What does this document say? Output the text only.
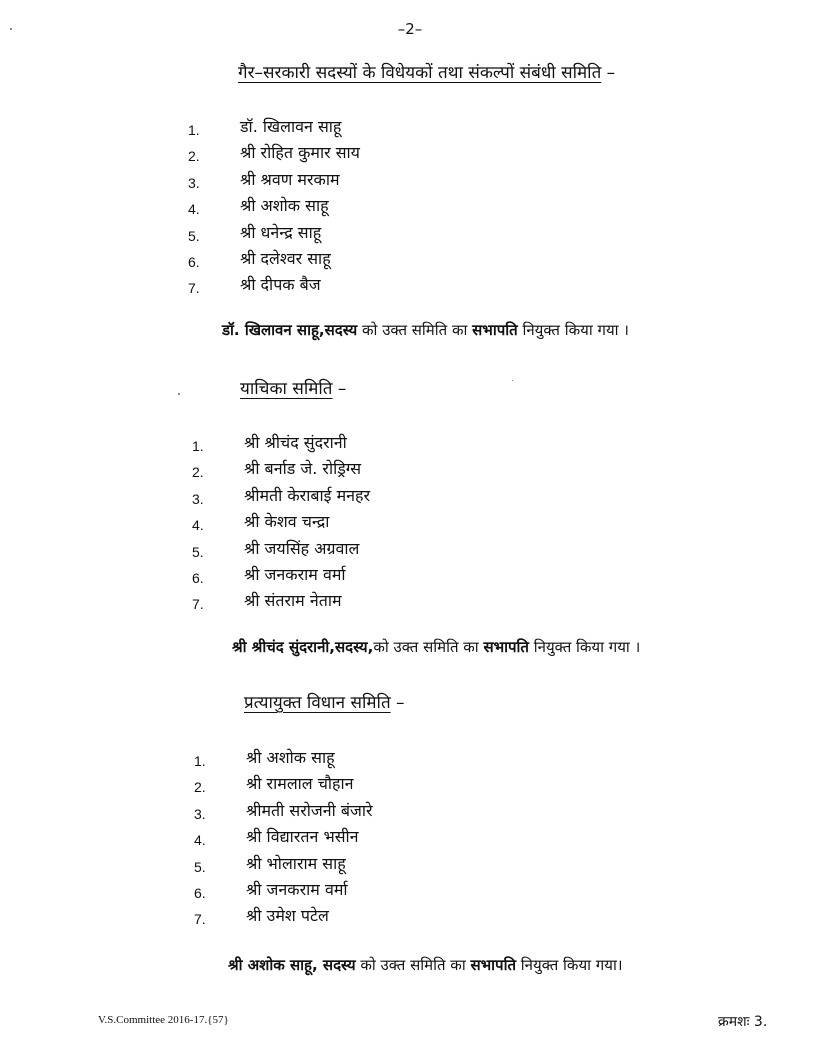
–2–
गैर–सरकारी सदस्यों के विधेयकों तथा संकल्पों संबंधी समिति –
1.	डॉ. खिलावन साहू
2.	श्री रोहित कुमार साय
3.	श्री श्रवण मरकाम
4.	श्री अशोक साहू
5.	श्री धनेन्द्र साहू
6.	श्री दलेश्वर साहू
7.	श्री दीपक बैज
डॉ. खिलावन साहू,सदस्य को उक्त समिति का सभापति नियुक्त किया गया ।
याचिका समिति –
1.	श्री श्रीचंद सुंदरानी
2.	श्री बर्नाड जे. रोड्रिग्स
3.	श्रीमती केराबाई मनहर
4.	श्री केशव चन्द्रा
5.	श्री जयसिंह अग्रवाल
6.	श्री जनकराम वर्मा
7.	श्री संतराम नेताम
श्री श्रीचंद सुंदरानी,सदस्य,को उक्त समिति का सभापति नियुक्त किया गया ।
प्रत्यायुक्त विधान समिति –
1.	श्री अशोक साहू
2.	श्री रामलाल चौहान
3.	श्रीमती सरोजनी बंजारे
4.	श्री विद्यारतन भसीन
5.	श्री भोलाराम साहू
6.	श्री जनकराम वर्मा
7.	श्री उमेश पटेल
श्री अशोक साहू, सदस्य को उक्त समिति का सभापति नियुक्त किया गया।
V.S.Committee 2016-17.{57}	क्रमशः 3.
